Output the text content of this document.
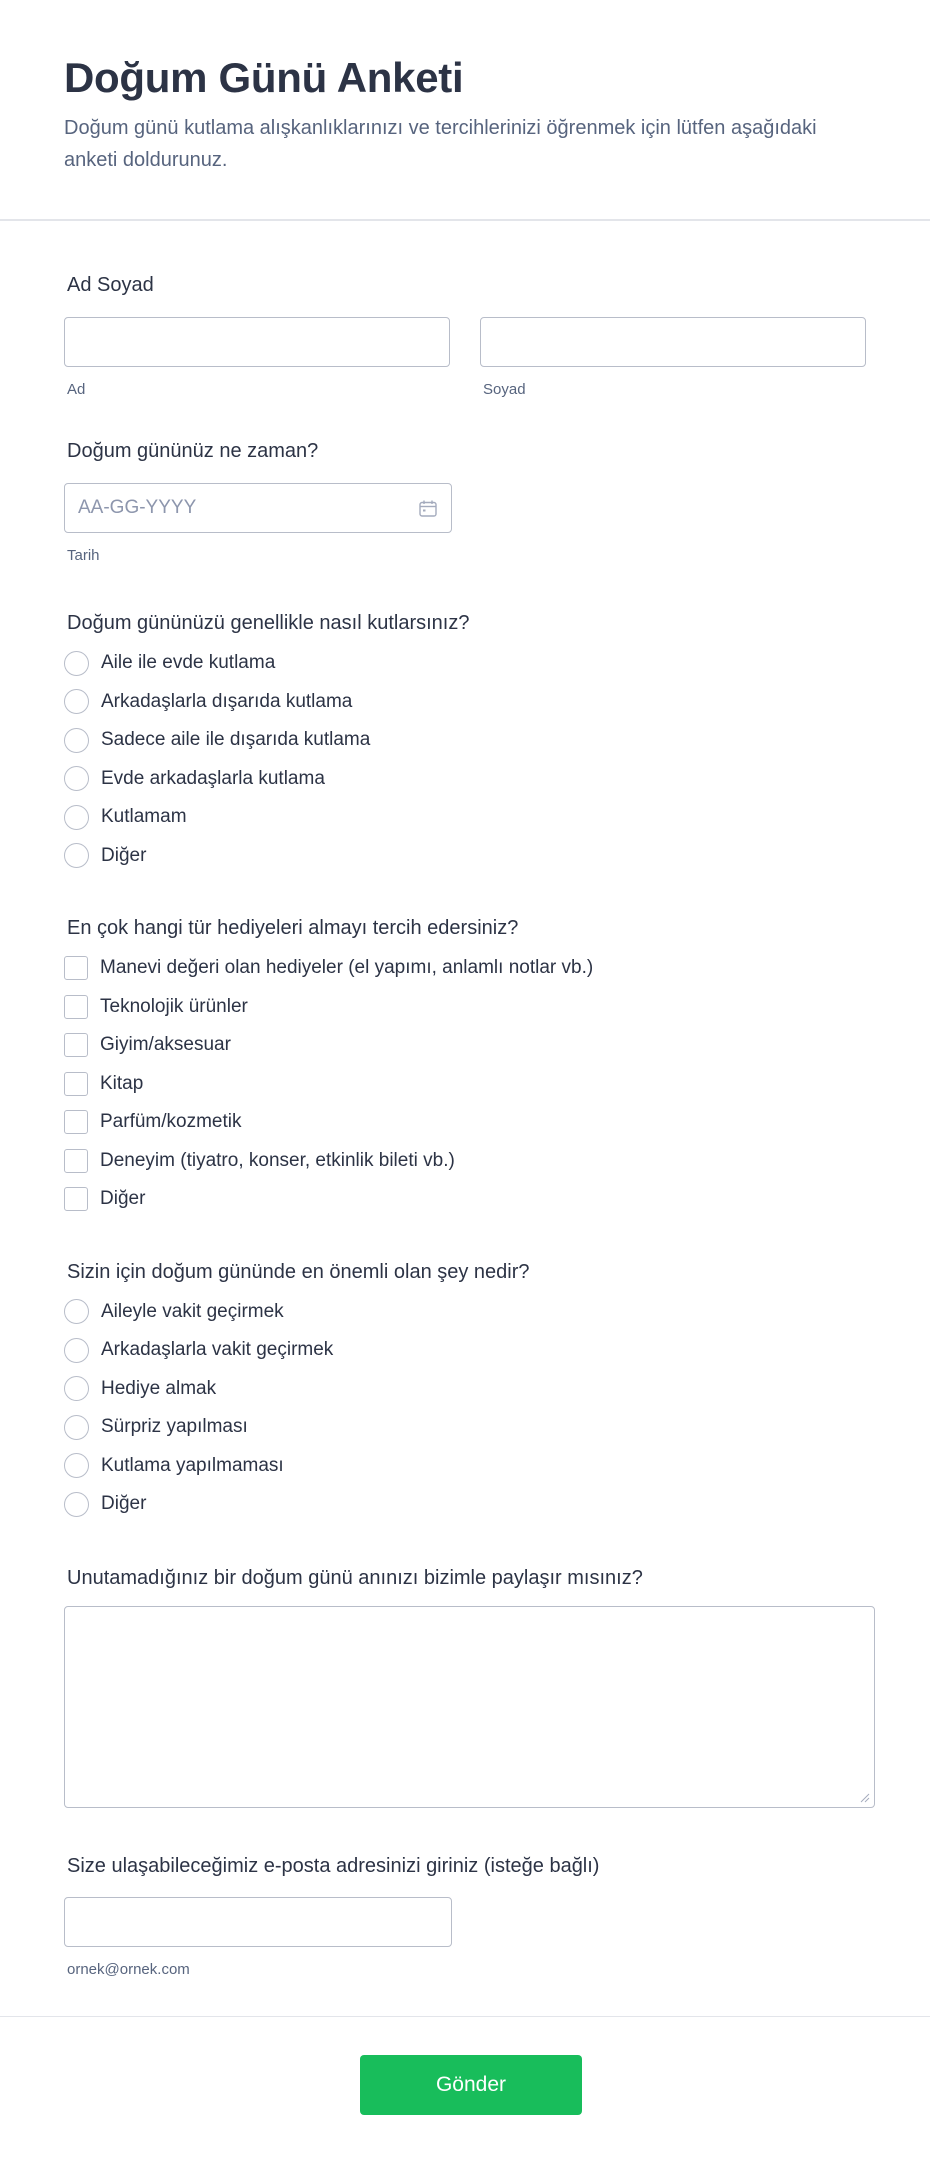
Doğum Günü Anketi

Doğum günü kutlama alışkanlıklarınızı ve tercihlerinizi öğrenmek için lütfen aşağıdaki anketi doldurunuz.

Ad Soyad
Ad	Soyad
Doğum gününüz ne zaman?
AA-GG-YYYY
Tarih
Doğum gününüzü genellikle nasıl kutlarsınız?
Aile ile evde kutlama
Arkadaşlarla dışarıda kutlama
Sadece aile ile dışarıda kutlama
Evde arkadaşlarla kutlama
Kutlamam
Diğer
En çok hangi tür hediyeleri almayı tercih edersiniz?
Manevi değeri olan hediyeler (el yapımı, anlamlı notlar vb.)
Teknolojik ürünler
Giyim/aksesuar
Kitap
Parfüm/kozmetik
Deneyim (tiyatro, konser, etkinlik bileti vb.)
Diğer
Sizin için doğum gününde en önemli olan şey nedir?
Aileyle vakit geçirmek
Arkadaşlarla vakit geçirmek
Hediye almak
Sürpriz yapılması
Kutlama yapılmaması
Diğer
Unutamadığınız bir doğum günü anınızı bizimle paylaşır mısınız?
Size ulaşabileceğimiz e-posta adresinizi giriniz (isteğe bağlı)
ornek@ornek.com
Gönder
